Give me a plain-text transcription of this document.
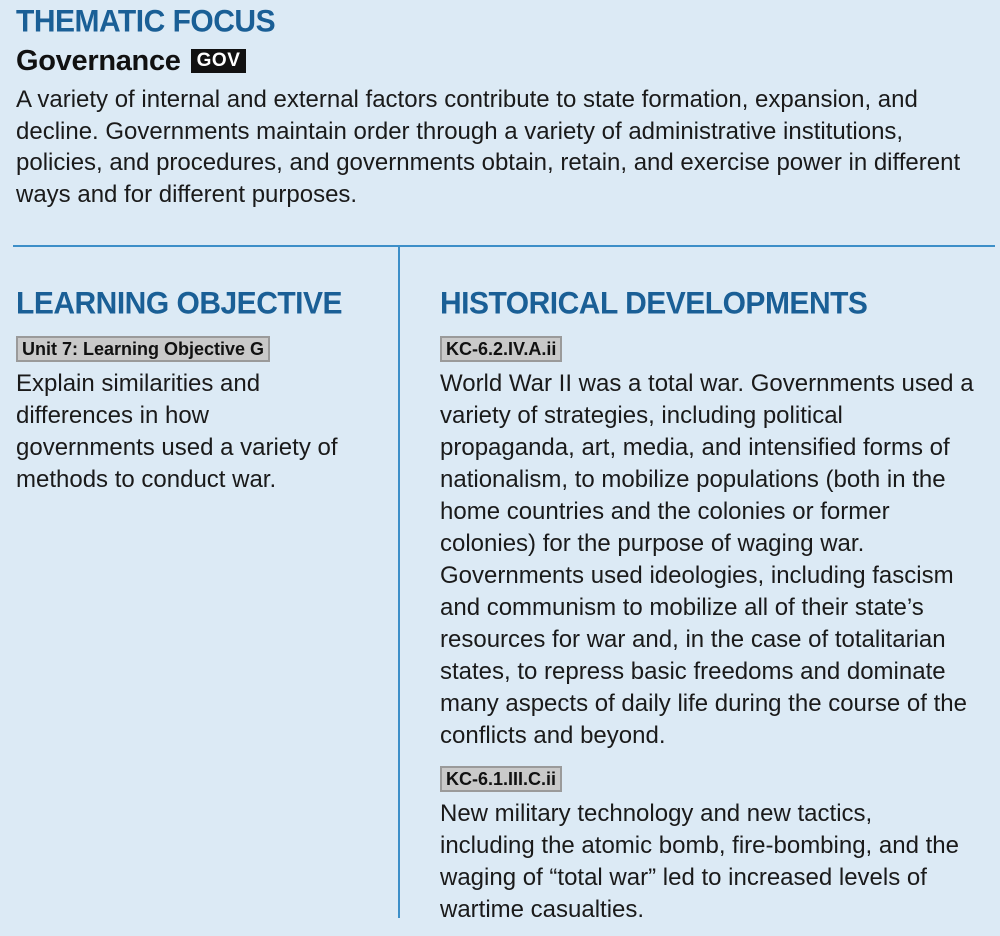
THEMATIC FOCUS
Governance GOV

A variety of internal and external factors contribute to state formation, expansion, and decline. Governments maintain order through a variety of administrative institutions, policies, and procedures, and governments obtain, retain, and exercise power in different ways and for different purposes.

LEARNING OBJECTIVE
Unit 7: Learning Objective G

Explain similarities and differences in how governments used a variety of methods to conduct war.

HISTORICAL DEVELOPMENTS
KC-6.2.IV.A.ii

World War II was a total war. Governments used a variety of strategies, including political propaganda, art, media, and intensified forms of nationalism, to mobilize populations (both in the home countries and the colonies or former colonies) for the purpose of waging war. Governments used ideologies, including fascism and communism to mobilize all of their state’s resources for war and, in the case of totalitarian states, to repress basic freedoms and dominate many aspects of daily life during the course of the conflicts and beyond.

KC-6.1.III.C.ii

New military technology and new tactics, including the atomic bomb, fire-bombing, and the waging of “total war” led to increased levels of wartime casualties.
